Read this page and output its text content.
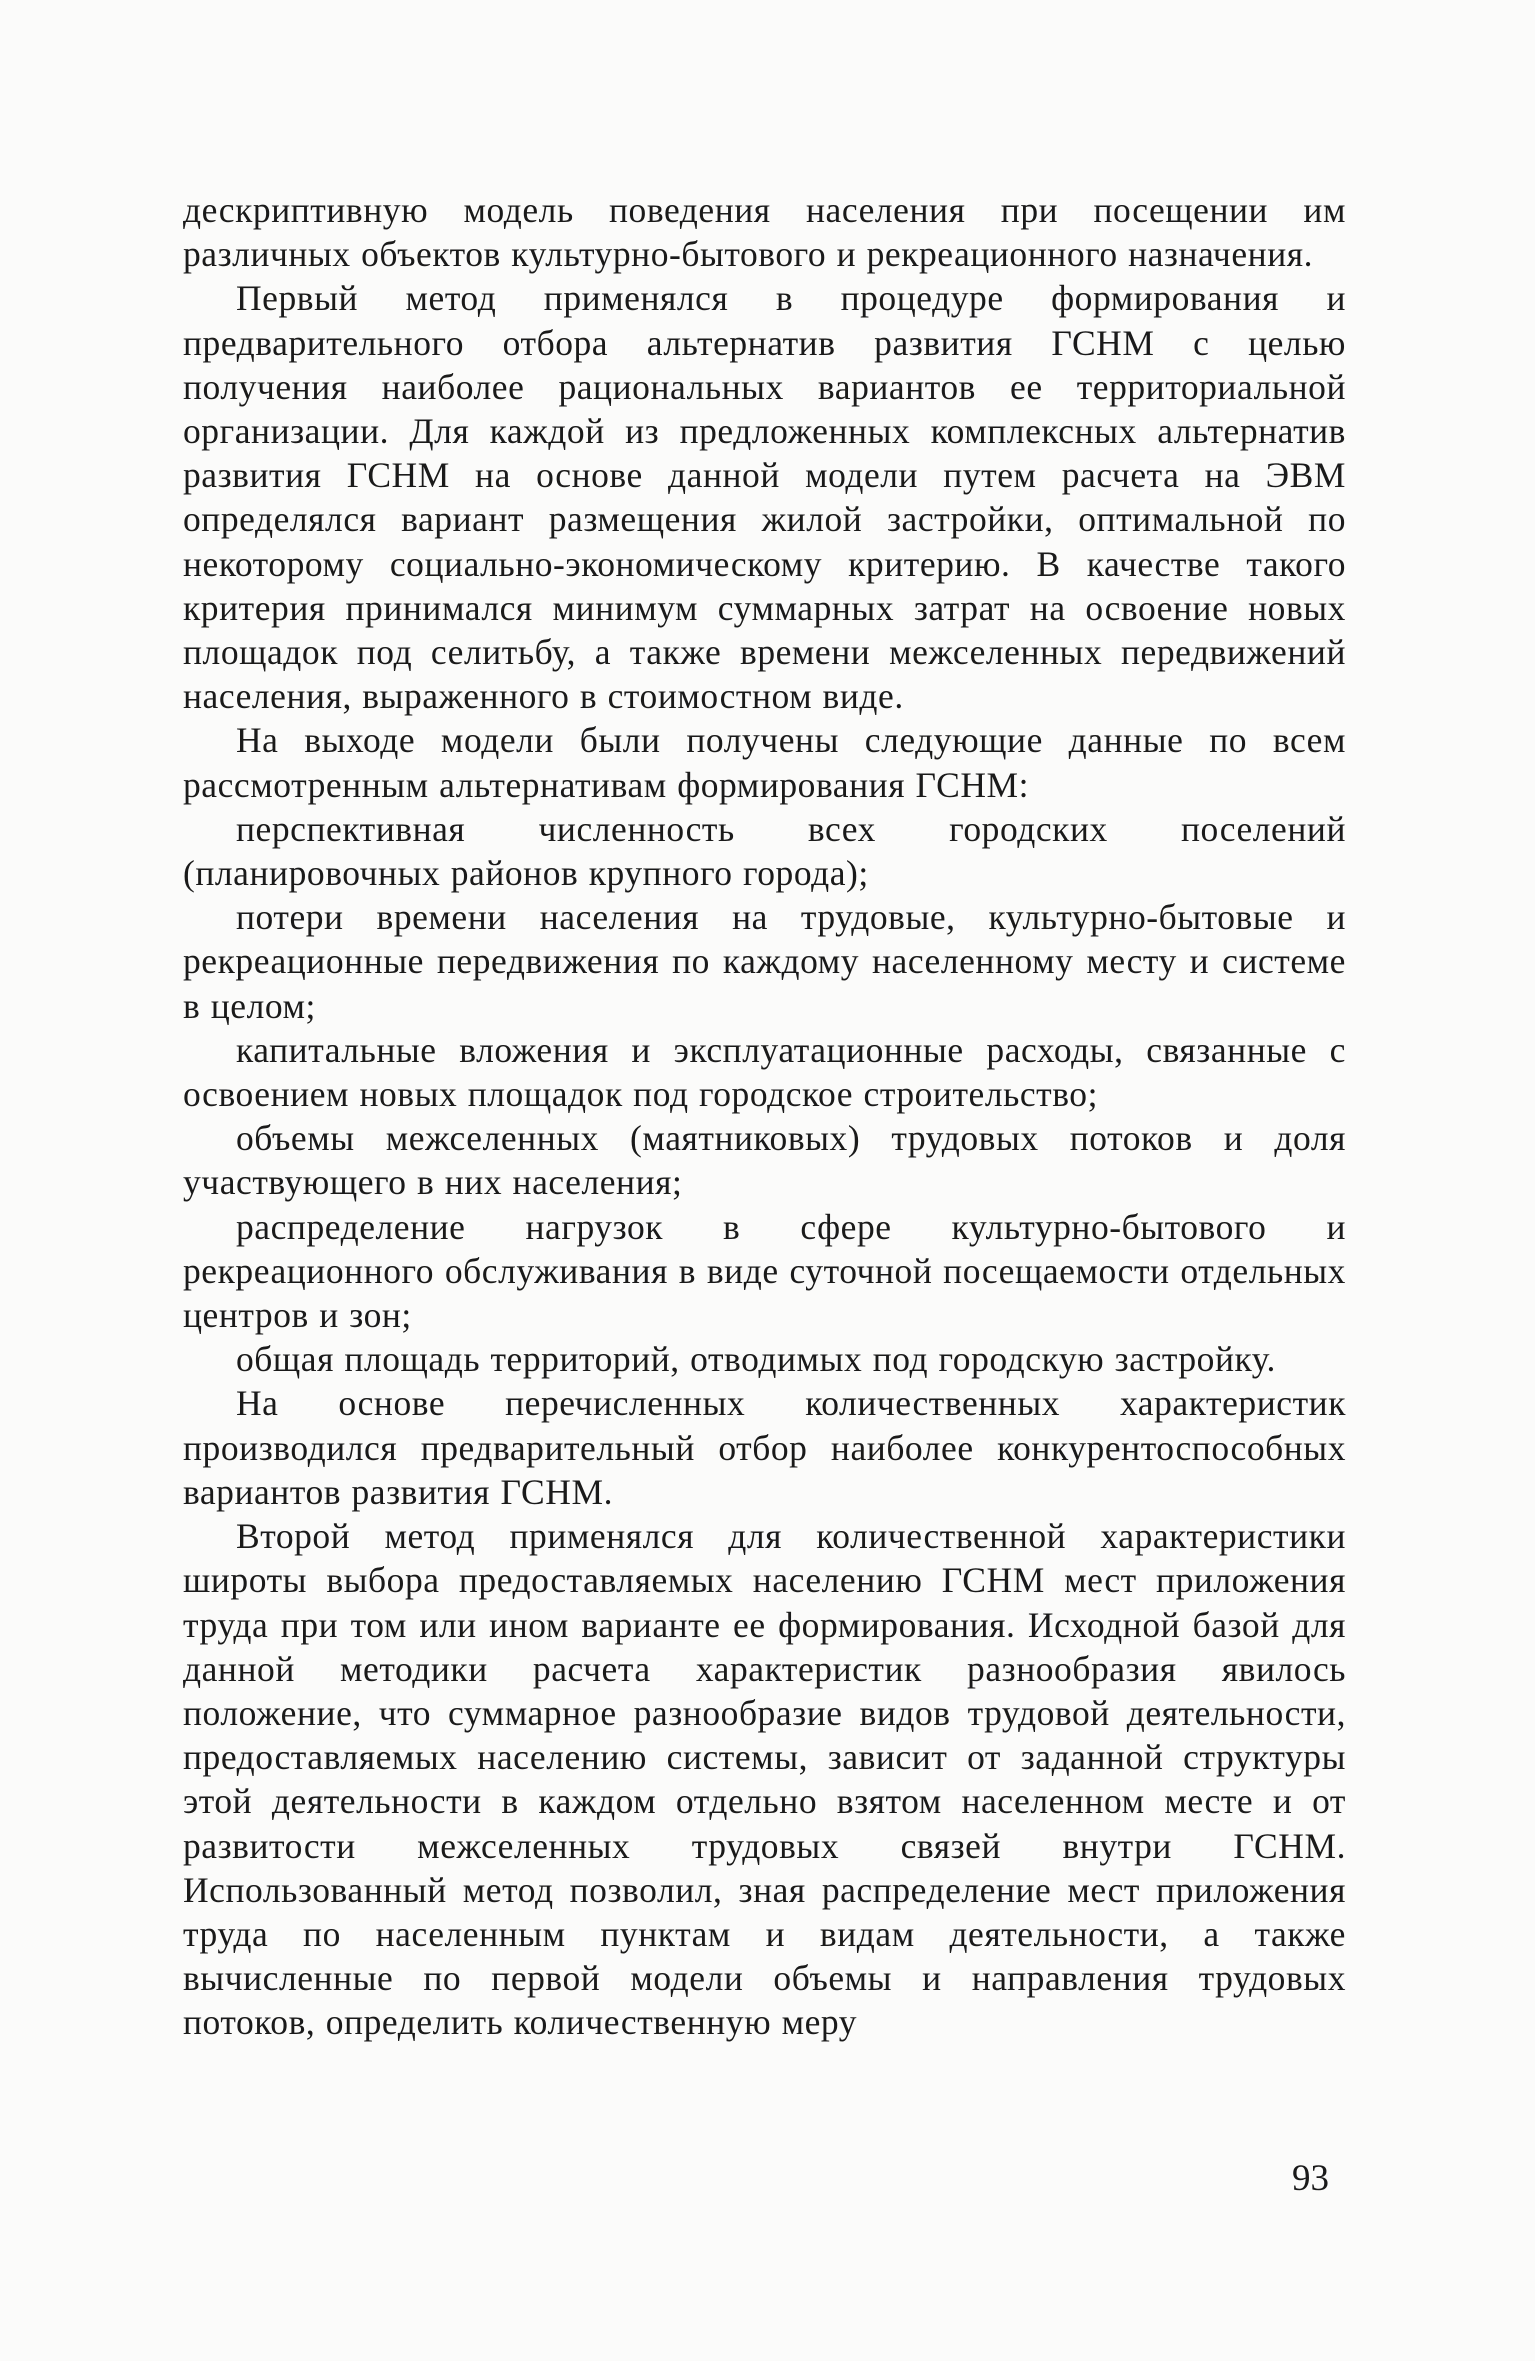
дескриптивную модель поведения населения при посещении им различных объектов культурно-бытового и рекреационного назначения.

Первый метод применялся в процедуре формирования и предварительного отбора альтернатив развития ГСНМ с целью получения наиболее рациональных вариантов ее территориальной организации. Для каждой из предложенных комплексных альтернатив развития ГСНМ на основе данной модели путем расчета на ЭВМ определялся вариант размещения жилой застройки, оптимальной по некоторому социально-экономическому критерию. В качестве такого критерия принимался минимум суммарных затрат на освоение новых площадок под селитьбу, а также времени межселенных передвижений населения, выраженного в стоимостном виде.

На выходе модели были получены следующие данные по всем рассмотренным альтернативам формирования ГСНМ:

перспективная численность всех городских поселений (планировочных районов крупного города);

потери времени населения на трудовые, культурно-бытовые и рекреационные передвижения по каждому населенному месту и системе в целом;

капитальные вложения и эксплуатационные расходы, связанные с освоением новых площадок под городское строительство;

объемы межселенных (маятниковых) трудовых потоков и доля участвующего в них населения;

распределение нагрузок в сфере культурно-бытового и рекреационного обслуживания в виде суточной посещаемости отдельных центров и зон;

общая площадь территорий, отводимых под городскую застройку.

На основе перечисленных количественных характеристик производился предварительный отбор наиболее конкурентоспособных вариантов развития ГСНМ.

Второй метод применялся для количественной характеристики широты выбора предоставляемых населению ГСНМ мест приложения труда при том или ином варианте ее формирования. Исходной базой для данной методики расчета характеристик разнообразия явилось положение, что суммарное разнообразие видов трудовой деятельности, предоставляемых населению системы, зависит от заданной структуры этой деятельности в каждом отдельно взятом населенном месте и от развитости межселенных трудовых связей внутри ГСНМ. Использованный метод позволил, зная распределение мест приложения труда по населенным пунктам и видам деятельности, а также вычисленные по первой модели объемы и направления трудовых потоков, определить количественную меру

93
